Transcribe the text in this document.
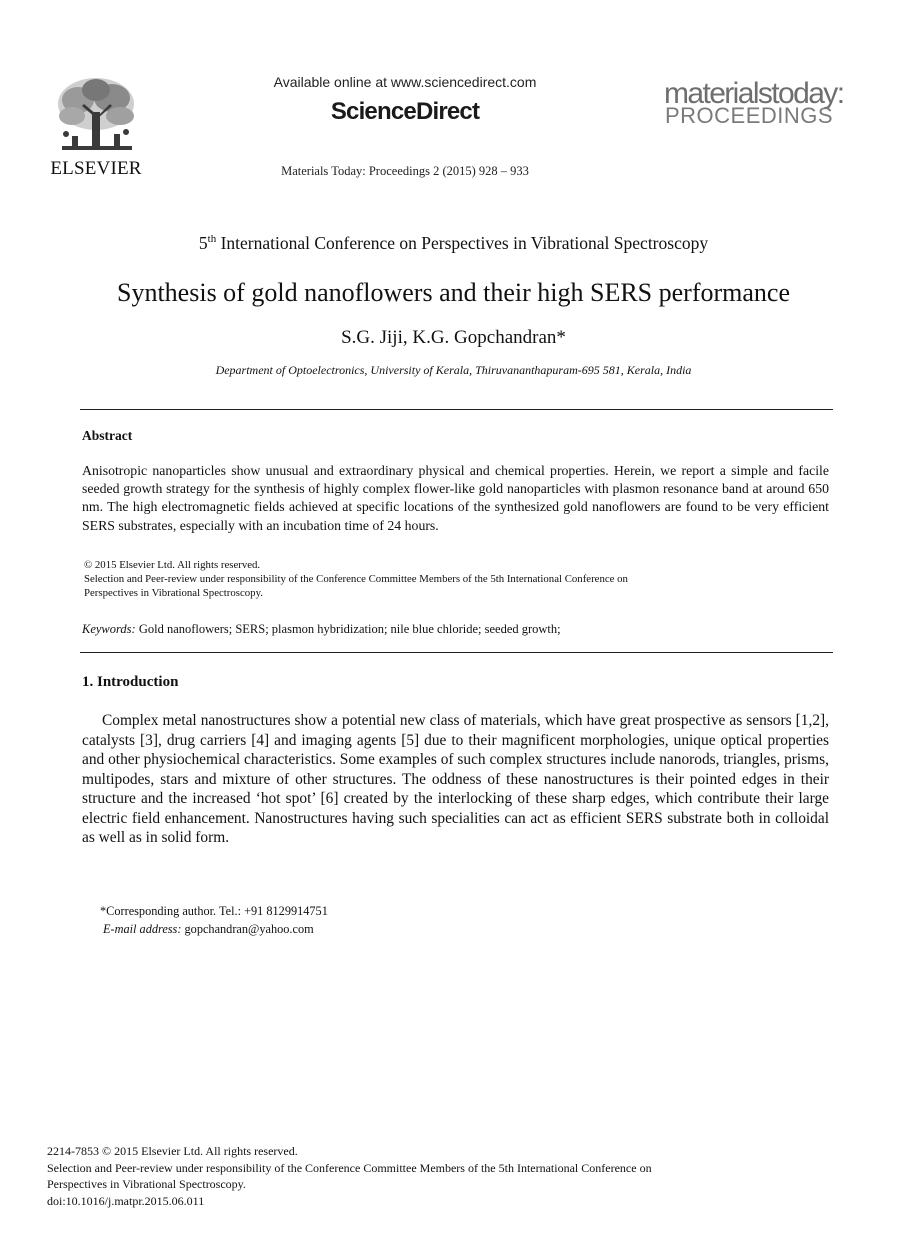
ELSEVIER
Available online at www.sciencedirect.com
ScienceDirect
Materials Today: Proceedings 2 (2015) 928 – 933
materialstoday:
PROCEEDINGS
5th International Conference on Perspectives in Vibrational Spectroscopy
Synthesis of gold nanoflowers and their high SERS performance
S.G. Jiji, K.G. Gopchandran*
Department of Optoelectronics, University of Kerala, Thiruvananthapuram-695 581, Kerala, India
Abstract
Anisotropic nanoparticles show unusual and extraordinary physical and chemical properties. Herein, we report a simple and facile seeded growth strategy for the synthesis of highly complex flower-like gold nanoparticles with plasmon resonance band at around 650 nm. The high electromagnetic fields achieved at specific locations of the synthesized gold nanoflowers are found to be very efficient SERS substrates, especially with an incubation time of 24 hours.
© 2015 Elsevier Ltd. All rights reserved.
Selection and Peer-review under responsibility of the Conference Committee Members of the 5th International Conference on
Perspectives in Vibrational Spectroscopy.
Keywords: Gold nanoflowers; SERS; plasmon hybridization; nile blue chloride; seeded growth;
1. Introduction
Complex metal nanostructures show a potential new class of materials, which have great prospective as sensors [1,2], catalysts [3], drug carriers [4] and imaging agents [5] due to their magnificent morphologies, unique optical properties and other physiochemical characteristics. Some examples of such complex structures include nanorods, triangles, prisms, multipodes, stars and mixture of other structures. The oddness of these nanostructures is their pointed edges in their structure and the increased ‘hot spot’ [6] created by the interlocking of these sharp edges, which contribute their large electric field enhancement. Nanostructures having such specialities can act as efficient SERS substrate both in colloidal as well as in solid form.
*Corresponding author. Tel.: +91 8129914751
E-mail address: gopchandran@yahoo.com
2214-7853 © 2015 Elsevier Ltd. All rights reserved.
Selection and Peer-review under responsibility of the Conference Committee Members of the 5th International Conference on
Perspectives in Vibrational Spectroscopy.
doi:10.1016/j.matpr.2015.06.011
